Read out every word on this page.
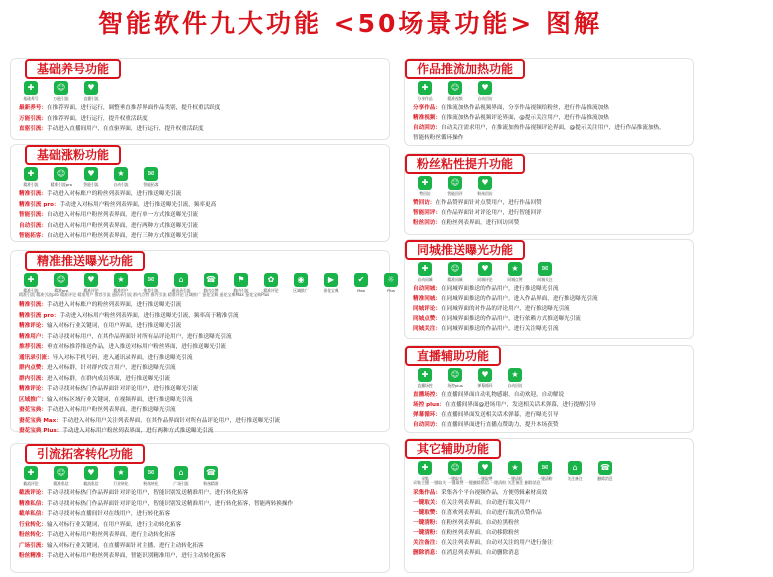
智能软件九大功能 <50场景功能> 图解
基础养号功能
✚
基础养号
☺
万能引流
♥
直播引流
最新养号：在推荐界面，进行运行，调整垂直推荐界面作品类别，提升权重活跃度
万能引流：在推荐界面，进行运行，提升权重活跃度
直驱引流：手动进入直播间用户，在直驱界面，进行运行，提升权重活跃度
基础涨粉功能
✚
精准引流
☺
精准引流pro
♥
智能引流
★
自动引流
✉
智能拓客
精准引流：手动进入对标账户的粉丝列表界面，进行推送曝光引流
精准引流 pro：手动进入对标用户粉丝列表界面，进行推送曝光引流，频率更高
智能引流：自动进入对标用户粉丝列表界面，进行单一方式推送曝光引流
自动引流：自动进入对标用户粉丝列表界面，进行两种方式推送曝光引流
智能拓客：自动进入对标用户粉丝列表界面，进行三种方式推送曝光引流
精准推送曝光功能
✚
精准引流
☺
精准pro
♥
精准评论
★
精准用户
✉
推荐引流
⌂
通讯录引流
☎
群内点赞
⚑
群内引流
✿
精准评论
◉
区域推广
▶
蚕花宝典
✔
Max
☼
Plus
精准引流 精准引流pro 精准评论 精准用户 推荐引流 通讯录引流 群内点赞 群内引流 精准评论 区域推广 蚕花宝典 蚕花宝典Max 蚕花宝典Plus
精准引流：手动进入对标账户的粉丝列表界面，进行推送曝光引流
精准引流 pro：手动进入对标用户粉丝列表界面，进行推送曝光引流，频率高于精准引流
精准评论：输入对标行业关键词，在用户界面，进行推送曝光引流
精准用户：手动寻找对标用户，在其作品界面针对所有品评论用户，进行推送曝光引流
推荐引流：垂直对标推荐推送作品，进入推送对标用户粉丝界面，进行推送曝光引流
通讯录引流：导入对标手机号码，进入通讯录界面，进行推送曝光引流
群内点赞：进入对标群，针对群内发言用户，进行推送曝光引流
群内引流：进入对标群，在群内成员界面，进行推送曝光引流
精准评论：手动寻找对标热门作品界面针对评论用户，进行推送曝光引流
区域推广：输入对标区域行业关键词，在视频界面，进行推送曝光引流
蚕花宝典：手动进入对标用户粉丝列表界面，进行推送曝光引流
蚕花宝典 Max：手动进入对标用户关注列表界面，在其作品界面针对所有品评论用户，进行推送曝光引流
蚕花宝典 Plus：手动进入对标用户粉丝列表界面，进行两种方式推送曝光引流
引流拓客转化功能
✚
截流评论
☺
精准私信
♥
截流私信
★
行业转化
✉
粉丝转化
⌂
广场引流
☎
粉丝精准
截流评论：手动寻找对标热门作品界面针对评论用户，智能识别发送精准用户，进行转化拓客
精准私信：手动寻找对标热门作品界面针对评论用户，智能识别发送精准用户，进行转化拓客，智能两转换操作
截单私信：手动寻找对标直播间针对在线用户，进行转化拓客
行业转化：输入对标行业关键词，在用户界面，进行主动转化拓客
粉丝转化：手动进入对标用户粉丝列表界面，进行主动转化拓客
广场引流：输入对标行业关键词，在直播界面针对主播，进行主动转化拓客
粉丝精准：手动进入对标用户粉丝列表界面，智能识别精准用户，进行主动转化拓客
作品推流加热功能
✚
分享作品
☺
精准视频
♥
自动回访
分享作品：在推流加热作品视频界面，分享作品视频给粉丝，进行作品推流加热
精准视频：在推流加热作品视频评论界面，@提示关注用户，进行作品推流加热
自动回访：自动关注需求用户，在推流加热作品视频评论界面，@提示关注用户，进行作品推流加热，
智能转粉丝循环操作
粉丝粘性提升功能
✚
赞回访
☺
智能回评
♥
粉丝回访
赞回访：在作品赞界面针对点赞用户，进行作品回赞
智能回评：在作品界面针对评论用户，进行智能回评
粉丝回访：在粉丝列表界面，进行回访回赞
同城推送曝光功能
✚
自动同城
☺
精准同城
♥
同城评论
★
同城点赞
✉
同城关注
自动同城：在同城界面推送的作品用户，进行推送曝光引流
精准同城：在同城界面推送的作品用户，进入作品界面，进行推送曝光引流
同城评论：在同城界面的对作品的评论用户，进行推送曝光引流
同城点赞：在同城界面推送的作品用户，进行依赖方式推送曝光引流
同城关注：在同城界面推送的作品用户，进行关注曝光引流
直播辅助功能
✚
直播场控
☺
场控plus
♥
弹幕循环
★
自动回访
直播场控：在直播间界面自动礼物感谢，自动欢迎，自动解说
场控 plus：在直播间界面@进场用户，发送相关话术弹幕，进行提醒引导
弹幕循环：在直播间界面发送相关话术弹幕，进行曝光引导
自动回访：在直播间界面进行直播点赞助力，提升本场获赞
其它辅助功能
✚
采集
☺
一键取关
♥
一键取赞
★
一键清私
✉
一键清粉
⌂
关注备注
☎
删除消息
采集主播 一键取关 一键取赞 一键删除私信 一键清粉 关注备注 删除消息
采集作品：采集各个平台视频作品，方便剪辑素材高效
一键取关：在关注列表界面，自动进行取关用户
一键取赞：在喜欢列表界面，自动进行取消点赞作品
一键清粉：在粉丝列表界面，自动拉黑粉丝
一键清粉：在粉丝列表界面，自动移除粉丝
关注备注：在关注列表界面，自动对关注的用户进行备注
删除消息：在消息列表界面，自动删除消息
